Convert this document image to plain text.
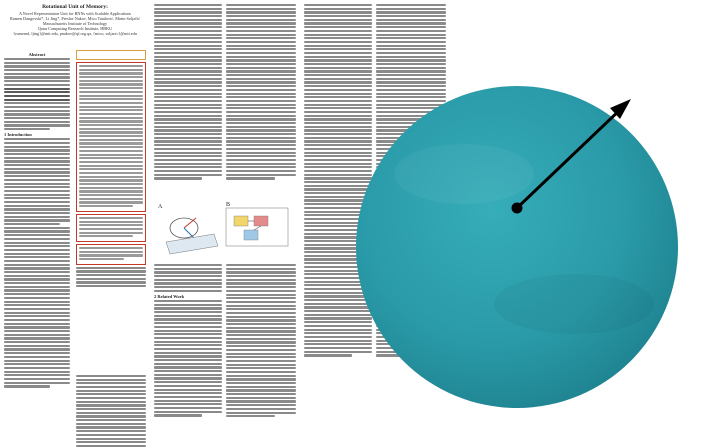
Rotational Unit of Memory:
A Novel Representation Unit for RNNs with Scalable Applications
Rumen Dangovski*, Li Jing*, Preslav Nakov, Mico Tatalović, Marin Soljačić
Massachusetts Institute of Technology
Qatar Computing Research Institute, HBKU
{rumenrd, ljing}@mit.edu, pnakov@qf.org.qa, {mico, soljacic}@mit.edu
Abstract
1 Introduction
A	B
2 Related Work
